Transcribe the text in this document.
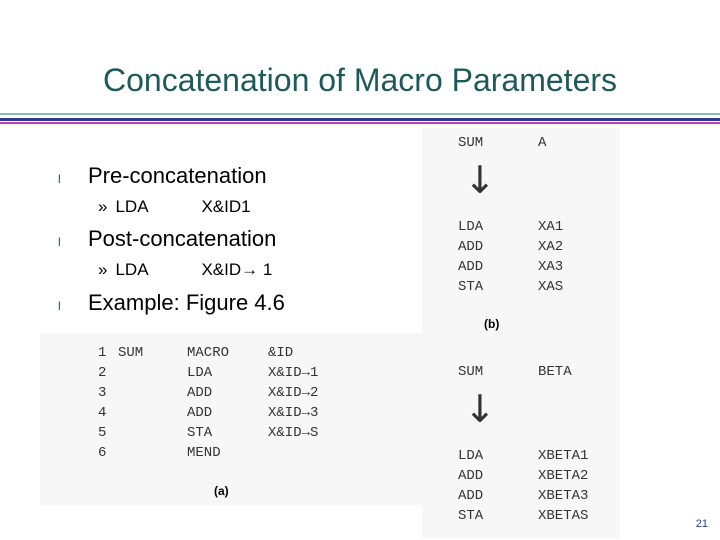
Concatenation of Macro Parameters
l Pre-concatenation
» LDA	X&ID1
l Post-concatenation
» LDA	X&ID→ 1
l Example: Figure 4.6
1 SUM	MACRO	&ID
2	LDA	X&ID→1
3	ADD	X&ID→2
4	ADD	X&ID→3
5	STA	X&ID→S
6	MEND
(a)
SUM	A
LDA	XA1
ADD	XA2
ADD	XA3
STA	XAS
↓
(b)
SUM	BETA
LDA	XBETA1
ADD	XBETA2
ADD	XBETA3
STA	XBETAS
↓
21
